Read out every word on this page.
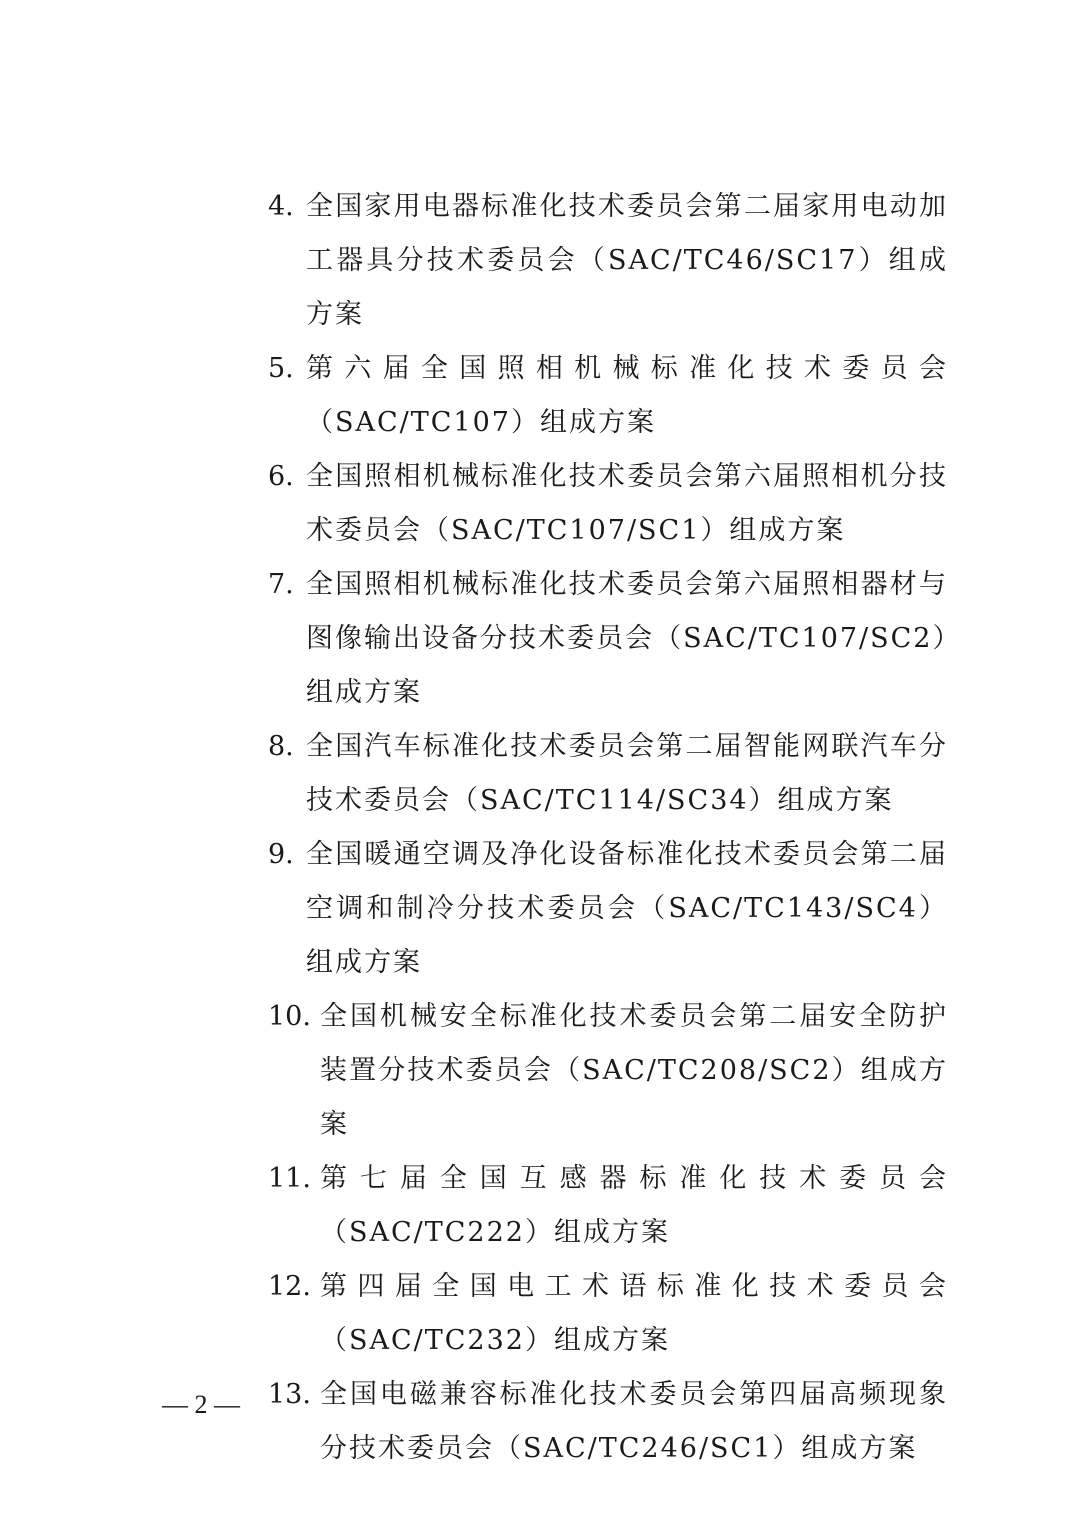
4. 全国家用电器标准化技术委员会第二届家用电动加工器具分技术委员会（SAC/TC46/SC17）组成方案
5. 第六届全国照相机械标准化技术委员会（SAC/TC107）组成方案
6. 全国照相机械标准化技术委员会第六届照相机分技术委员会（SAC/TC107/SC1）组成方案
7. 全国照相机械标准化技术委员会第六届照相器材与图像输出设备分技术委员会（SAC/TC107/SC2）组成方案
8. 全国汽车标准化技术委员会第二届智能网联汽车分技术委员会（SAC/TC114/SC34）组成方案
9. 全国暖通空调及净化设备标准化技术委员会第二届空调和制冷分技术委员会（SAC/TC143/SC4）组成方案
10. 全国机械安全标准化技术委员会第二届安全防护装置分技术委员会（SAC/TC208/SC2）组成方案
11. 第七届全国互感器标准化技术委员会（SAC/TC222）组成方案
12. 第四届全国电工术语标准化技术委员会（SAC/TC232）组成方案
13. 全国电磁兼容标准化技术委员会第四届高频现象分技术委员会（SAC/TC246/SC1）组成方案
— 2 —
